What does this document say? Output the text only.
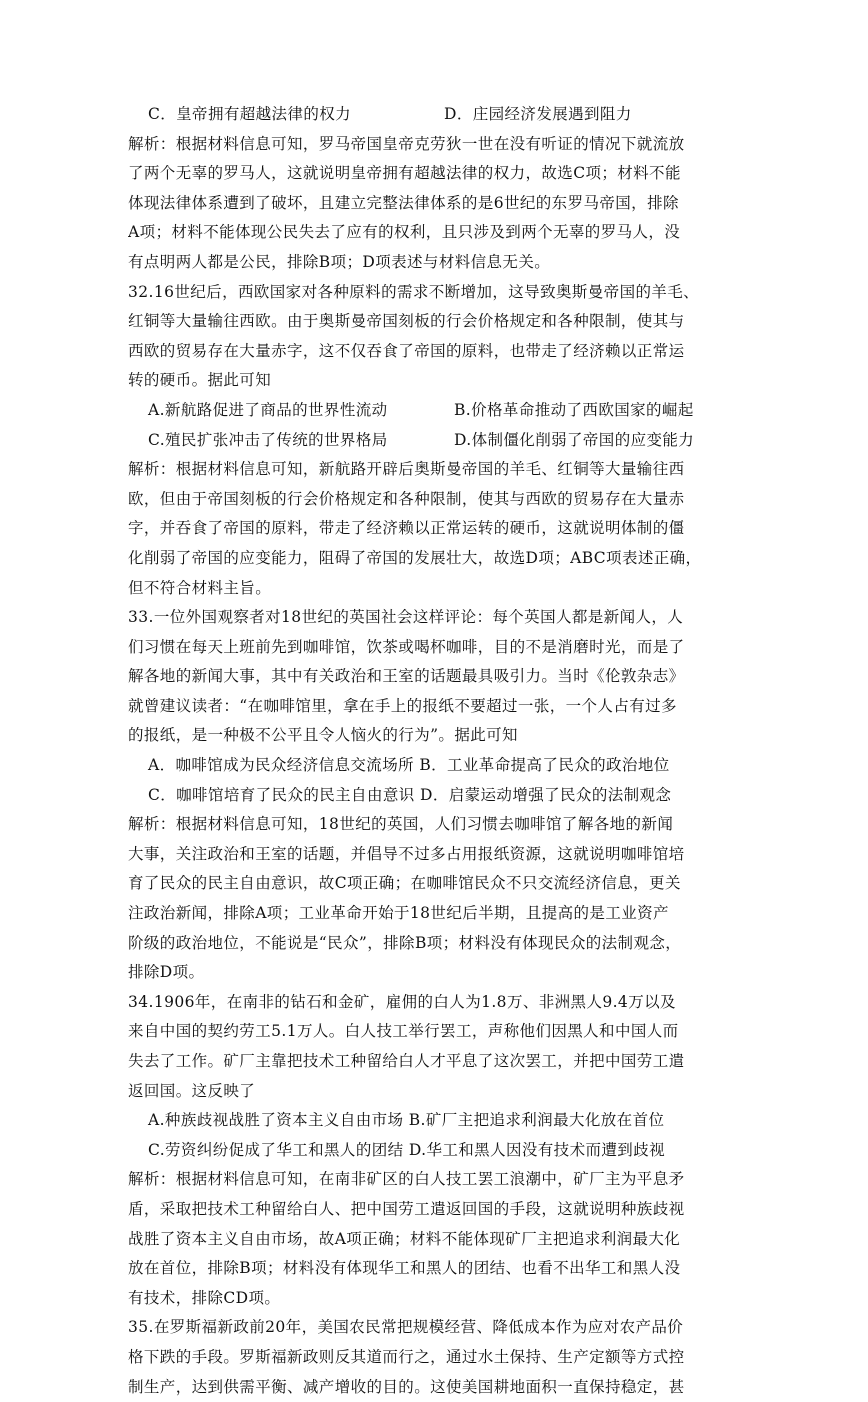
C．皇帝拥有超越法律的权力	D．庄园经济发展遇到阻力
解析：根据材料信息可知，罗马帝国皇帝克劳狄一世在没有听证的情况下就流放
了两个无辜的罗马人，这就说明皇帝拥有超越法律的权力，故选C项；材料不能
体现法律体系遭到了破坏，且建立完整法律体系的是6世纪的东罗马帝国，排除
A项；材料不能体现公民失去了应有的权利，且只涉及到两个无辜的罗马人，没
有点明两人都是公民，排除B项；D项表述与材料信息无关。
32.16世纪后，西欧国家对各种原料的需求不断增加，这导致奥斯曼帝国的羊毛、
红铜等大量输往西欧。由于奥斯曼帝国刻板的行会价格规定和各种限制，使其与
西欧的贸易存在大量赤字，这不仅吞食了帝国的原料，也带走了经济赖以正常运
转的硬币。据此可知
A.新航路促进了商品的世界性流动	B.价格革命推动了西欧国家的崛起
C.殖民扩张冲击了传统的世界格局	D.体制僵化削弱了帝国的应变能力
解析：根据材料信息可知，新航路开辟后奥斯曼帝国的羊毛、红铜等大量输往西
欧，但由于帝国刻板的行会价格规定和各种限制，使其与西欧的贸易存在大量赤
字，并吞食了帝国的原料，带走了经济赖以正常运转的硬币，这就说明体制的僵
化削弱了帝国的应变能力，阻碍了帝国的发展壮大，故选D项；ABC项表述正确，
但不符合材料主旨。
33.一位外国观察者对18世纪的英国社会这样评论：每个英国人都是新闻人，人
们习惯在每天上班前先到咖啡馆，饮茶或喝杯咖啡，目的不是消磨时光，而是了
解各地的新闻大事，其中有关政治和王室的话题最具吸引力。当时《伦敦杂志》
就曾建议读者：“在咖啡馆里，拿在手上的报纸不要超过一张，一个人占有过多
的报纸，是一种极不公平且令人恼火的行为”。据此可知
A．咖啡馆成为民众经济信息交流场所 B．工业革命提高了民众的政治地位
C．咖啡馆培育了民众的民主自由意识 D．启蒙运动增强了民众的法制观念
解析：根据材料信息可知，18世纪的英国，人们习惯去咖啡馆了解各地的新闻
大事，关注政治和王室的话题，并倡导不过多占用报纸资源，这就说明咖啡馆培
育了民众的民主自由意识，故C项正确；在咖啡馆民众不只交流经济信息，更关
注政治新闻，排除A项；工业革命开始于18世纪后半期，且提高的是工业资产
阶级的政治地位，不能说是“民众”，排除B项；材料没有体现民众的法制观念，
排除D项。
34.1906年，在南非的钻石和金矿，雇佣的白人为1.8万、非洲黑人9.4万以及
来自中国的契约劳工5.1万人。白人技工举行罢工，声称他们因黑人和中国人而
失去了工作。矿厂主靠把技术工种留给白人才平息了这次罢工，并把中国劳工遣
返回国。这反映了
A.种族歧视战胜了资本主义自由市场 B.矿厂主把追求利润最大化放在首位
C.劳资纠纷促成了华工和黑人的团结 D.华工和黑人因没有技术而遭到歧视
解析：根据材料信息可知，在南非矿区的白人技工罢工浪潮中，矿厂主为平息矛
盾，采取把技术工种留给白人、把中国劳工遣返回国的手段，这就说明种族歧视
战胜了资本主义自由市场，故A项正确；材料不能体现矿厂主把追求利润最大化
放在首位，排除B项；材料没有体现华工和黑人的团结、也看不出华工和黑人没
有技术，排除CD项。
35.在罗斯福新政前20年，美国农民常把规模经营、降低成本作为应对农产品价
格下跌的手段。罗斯福新政则反其道而行之，通过水土保持、生产定额等方式控
制生产，达到供需平衡、减产增收的目的。这使美国耕地面积一直保持稳定，甚
